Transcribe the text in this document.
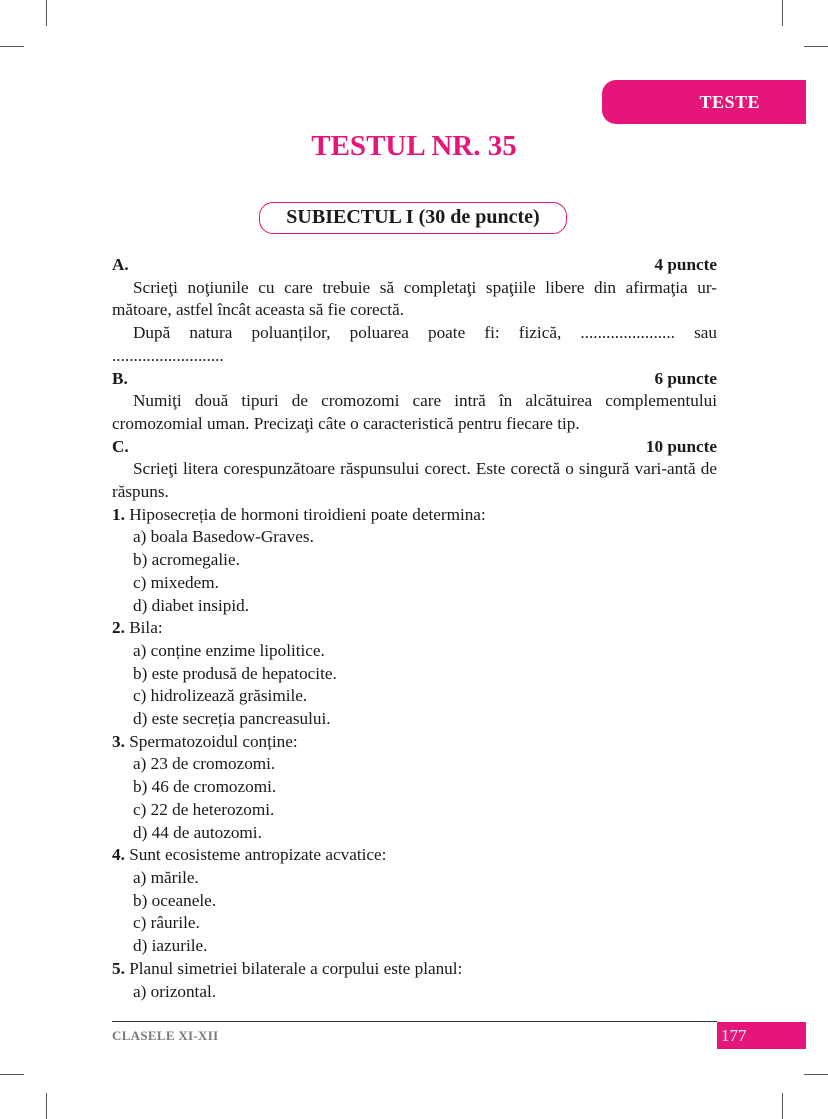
TESTE
TESTUL NR. 35
SUBIECTUL I (30 de puncte)
A.	4 puncte

Scrieţi noţiunile cu care trebuie să completaţi spaţiile libere din afirmaţia ur-mătoare, astfel încât aceasta să fie corectă.

După natura poluanților, poluarea poate fi: fizică, ...................... sau

..........................

B.	6 puncte

Numiţi două tipuri de cromozomi care intră în alcătuirea complementului cromozomial uman. Precizaţi câte o caracteristică pentru fiecare tip.

C.	10 puncte

Scrieţi litera corespunzătoare răspunsului corect. Este corectă o singură vari-antă de răspuns.

1. Hiposecreția de hormoni tiroidieni poate determina:

a) boala Basedow-Graves.

b) acromegalie.

c) mixedem.

d) diabet insipid.

2. Bila:

a) conține enzime lipolitice.

b) este produsă de hepatocite.

c) hidrolizează grăsimile.

d) este secreția pancreasului.

3. Spermatozoidul conține:

a) 23 de cromozomi.

b) 46 de cromozomi.

c) 22 de heterozomi.

d) 44 de autozomi.

4. Sunt ecosisteme antropizate acvatice:

a) mările.

b) oceanele.

c) râurile.

d) iazurile.

5. Planul simetriei bilaterale a corpului este planul:

a) orizontal.

CLASELE XI-XII	177
